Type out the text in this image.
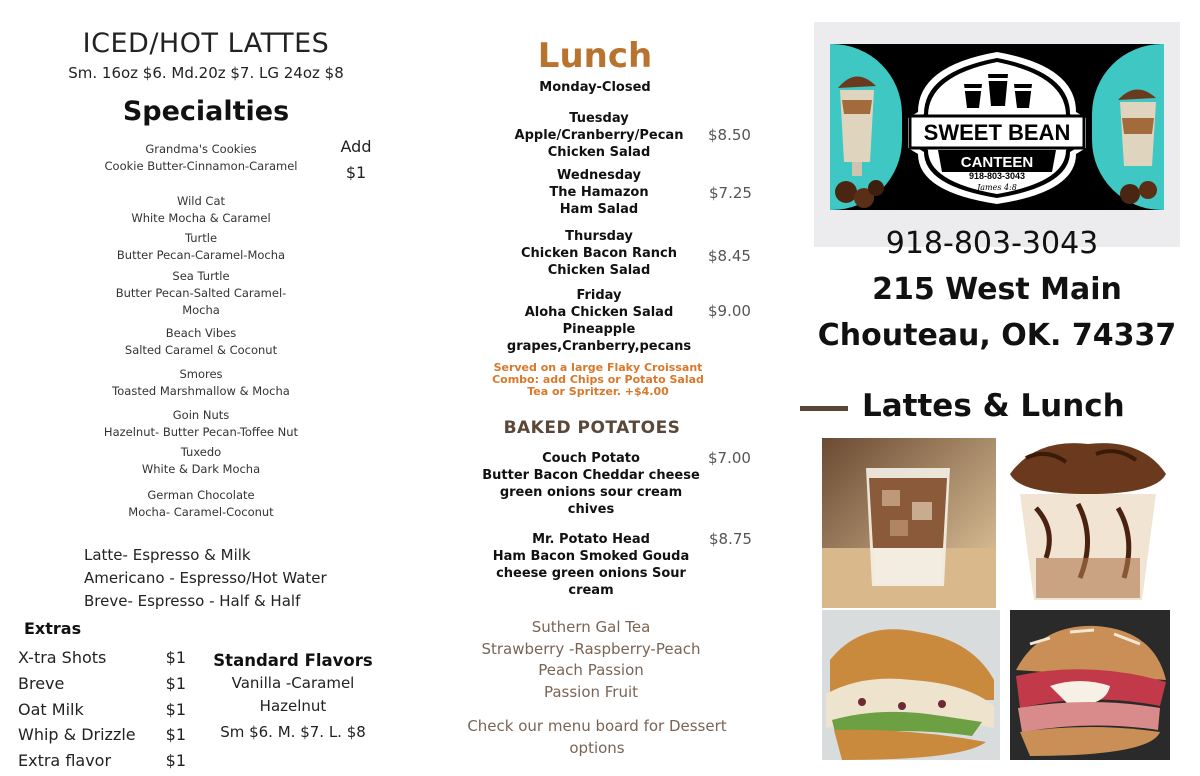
ICED/HOT LATTES
Sm. 16oz $6. Md.20z $7. LG 24oz $8
Specialties
Grandma's Cookies
Cookie Butter-Cinnamon-Caramel
Wild Cat
White Mocha & Caramel
Turtle
Butter Pecan-Caramel-Mocha
Sea Turtle
Butter Pecan-Salted Caramel-Mocha
Beach Vibes
Salted Caramel & Coconut
Smores
Toasted Marshmallow & Mocha
Goin Nuts
Hazelnut- Butter Pecan-Toffee Nut
Tuxedo
White & Dark Mocha
German Chocolate
Mocha- Caramel-Coconut
Add
$1
Latte- Espresso & Milk
Americano - Espresso/Hot Water
Breve- Espresso - Half & Half
Extras
X-tra Shots	$1
Breve	$1
Oat Milk	$1
Whip & Drizzle $1
Extra flavor	$1
Standard Flavors
Vanilla -Caramel
Hazelnut
Sm $6. M. $7. L. $8
Lunch
Monday-Closed
Tuesday
Apple/Cranberry/Pecan
Chicken Salad
$8.50
Wednesday
The Hamazon
Ham Salad
$7.25
Thursday
Chicken Bacon Ranch
Chicken Salad
$8.45
Friday
Aloha Chicken Salad
Pineapple
grapes,Cranberry,pecans
$9.00
Served on a large Flaky Croissant
Combo: add Chips or Potato Salad
Tea or Spritzer. +$4.00
BAKED POTATOES
Couch Potato
Butter Bacon Cheddar cheese
green onions sour cream
chives
$7.00
Mr. Potato Head
Ham Bacon Smoked Gouda
cheese green onions Sour
cream
$8.75
Suthern Gal Tea
Strawberry -Raspberry-Peach
Peach Passion
Passion Fruit
Check our menu board for Dessert
options
SWEET BEAN
CANTEEN
918-803-3043
James 4:8
918-803-3043
215 West Main
Chouteau, OK. 74337
Lattes & Lunch
